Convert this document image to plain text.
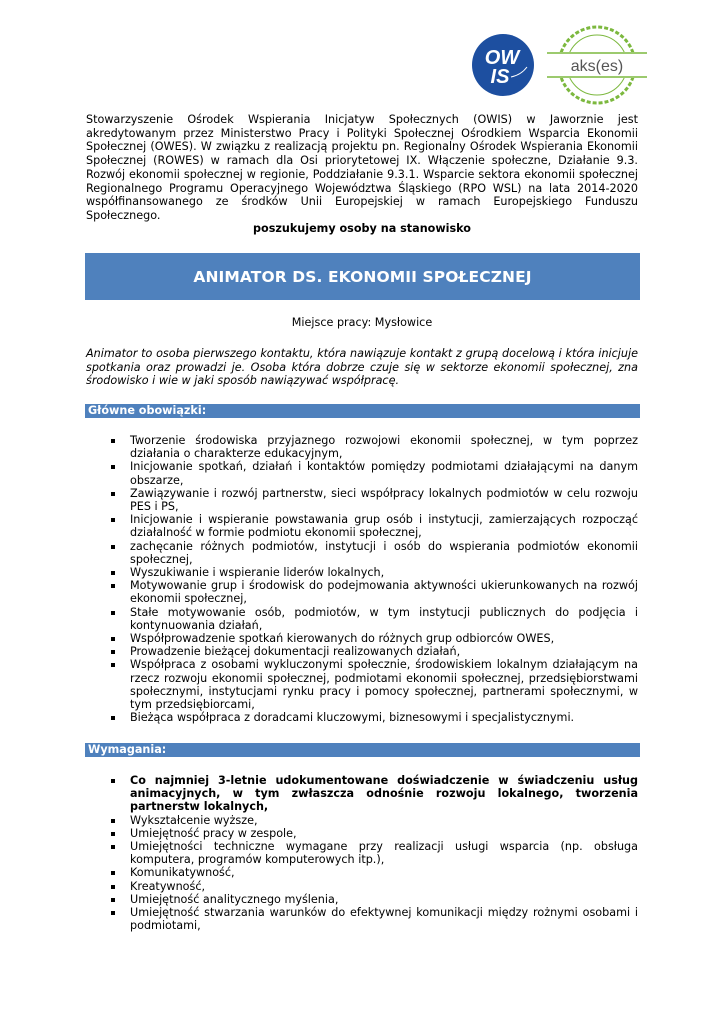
OW
IS	aks(es)

Stowarzyszenie Ośrodek Wspierania Inicjatyw Społecznych (OWIS) w Jaworznie jest akredytowanym przez Ministerstwo Pracy i Polityki Społecznej Ośrodkiem Wsparcia Ekonomii Społecznej (OWES). W związku z realizacją projektu pn. Regionalny Ośrodek Wspierania Ekonomii Społecznej (ROWES) w ramach dla Osi priorytetowej IX. Włączenie społeczne, Działanie 9.3. Rozwój ekonomii społecznej w regionie, Poddziałanie 9.3.1. Wsparcie sektora ekonomii społecznej Regionalnego Programu Operacyjnego Województwa Śląskiego (RPO WSL) na lata 2014-2020 współfinansowanego ze środków Unii Europejskiej w ramach Europejskiego Funduszu Społecznego.

poszukujemy osoby na stanowisko

ANIMATOR DS. EKONOMII SPOŁECZNEJ

Miejsce pracy: Mysłowice

Animator to osoba pierwszego kontaktu, która nawiązuje kontakt z grupą docelową i która inicjuje spotkania oraz prowadzi je. Osoba która dobrze czuje się w sektorze ekonomii społecznej, zna środowisko i wie w jaki sposób nawiązywać współpracę.

Główne obowiązki:
Tworzenie środowiska przyjaznego rozwojowi ekonomii społecznej, w tym poprzez działania o charakterze edukacyjnym,
Inicjowanie spotkań, działań i kontaktów pomiędzy podmiotami działającymi na danym obszarze,
Zawiązywanie i rozwój partnerstw, sieci współpracy lokalnych podmiotów w celu rozwoju PES i PS,
Inicjowanie i wspieranie powstawania grup osób i instytucji, zamierzających rozpocząć działalność w formie podmiotu ekonomii społecznej,
zachęcanie różnych podmiotów, instytucji i osób do wspierania podmiotów ekonomii społecznej,
Wyszukiwanie i wspieranie liderów lokalnych,
Motywowanie grup i środowisk do podejmowania aktywności ukierunkowanych na rozwój ekonomii społecznej,
Stałe motywowanie osób, podmiotów, w tym instytucji publicznych do podjęcia i kontynuowania działań,
Współprowadzenie spotkań kierowanych do różnych grup odbiorców OWES,
Prowadzenie bieżącej dokumentacji realizowanych działań,
Współpraca z osobami wykluczonymi społecznie, środowiskiem lokalnym działającym na rzecz rozwoju ekonomii społecznej, podmiotami ekonomii społecznej, przedsiębiorstwami społecznymi, instytucjami rynku pracy i pomocy społecznej, partnerami społecznymi, w tym przedsiębiorcami,
Bieżąca współpraca z doradcami kluczowymi, biznesowymi i specjalistycznymi.
Wymagania:
Co najmniej 3-letnie udokumentowane doświadczenie w świadczeniu usług animacyjnych, w tym zwłaszcza odnośnie rozwoju lokalnego, tworzenia partnerstw lokalnych,
Wykształcenie wyższe,
Umiejętność pracy w zespole,
Umiejętności techniczne wymagane przy realizacji usługi wsparcia (np. obsługa komputera, programów komputerowych itp.),
Komunikatywność,
Kreatywność,
Umiejętność analitycznego myślenia,
Umiejętność stwarzania warunków do efektywnej komunikacji między rożnymi osobami i podmiotami,
